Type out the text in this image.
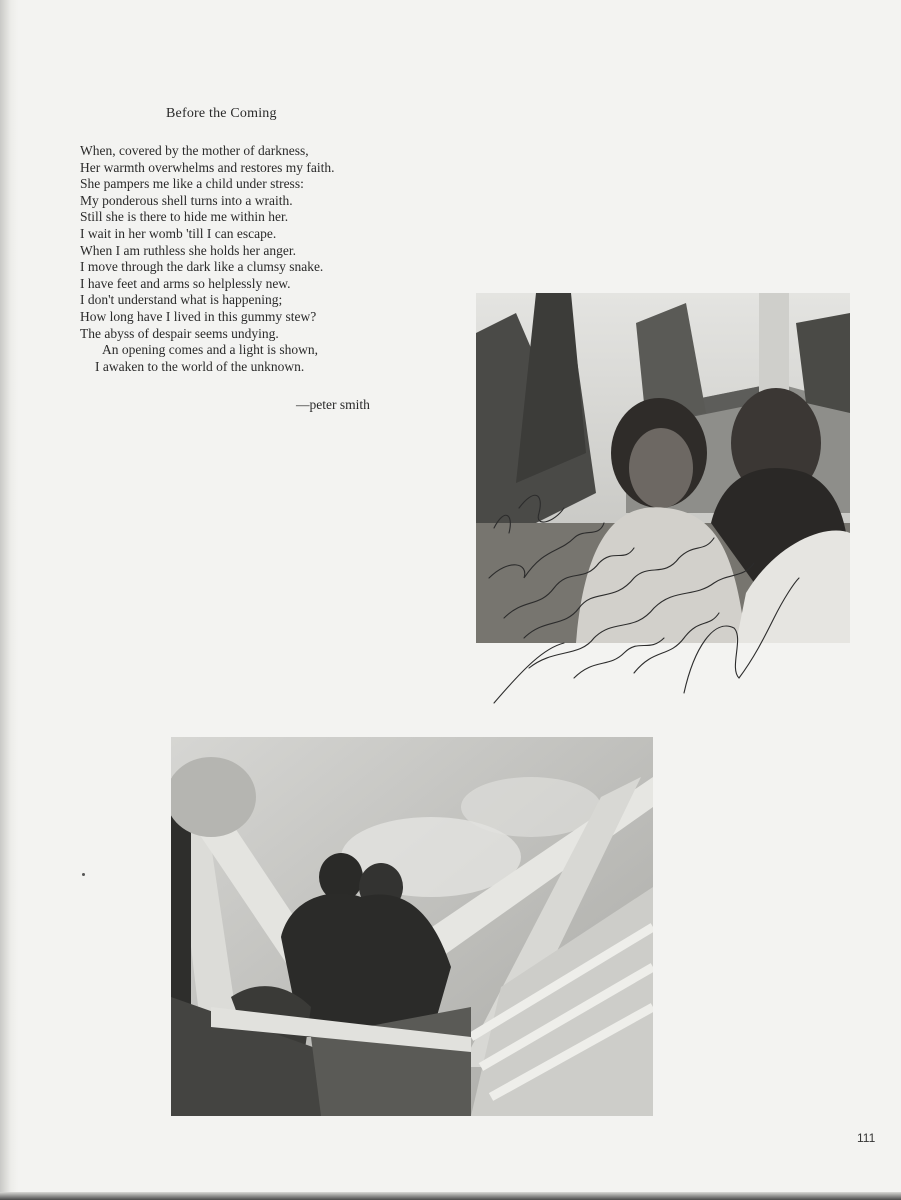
Before the Coming
When, covered by the mother of darkness,
Her warmth overwhelms and restores my faith.
She pampers me like a child under stress:
My ponderous shell turns into a wraith.
Still she is there to hide me within her.
I wait in her womb 'till I can escape.
When I am ruthless she holds her anger.
I move through the dark like a clumsy snake.
I have feet and arms so helplessly new.
I don't understand what is happening;
How long have I lived in this gummy stew?
The abyss of despair seems undying.
An opening comes and a light is shown,
I awaken to the world of the unknown.
—peter smith
111
